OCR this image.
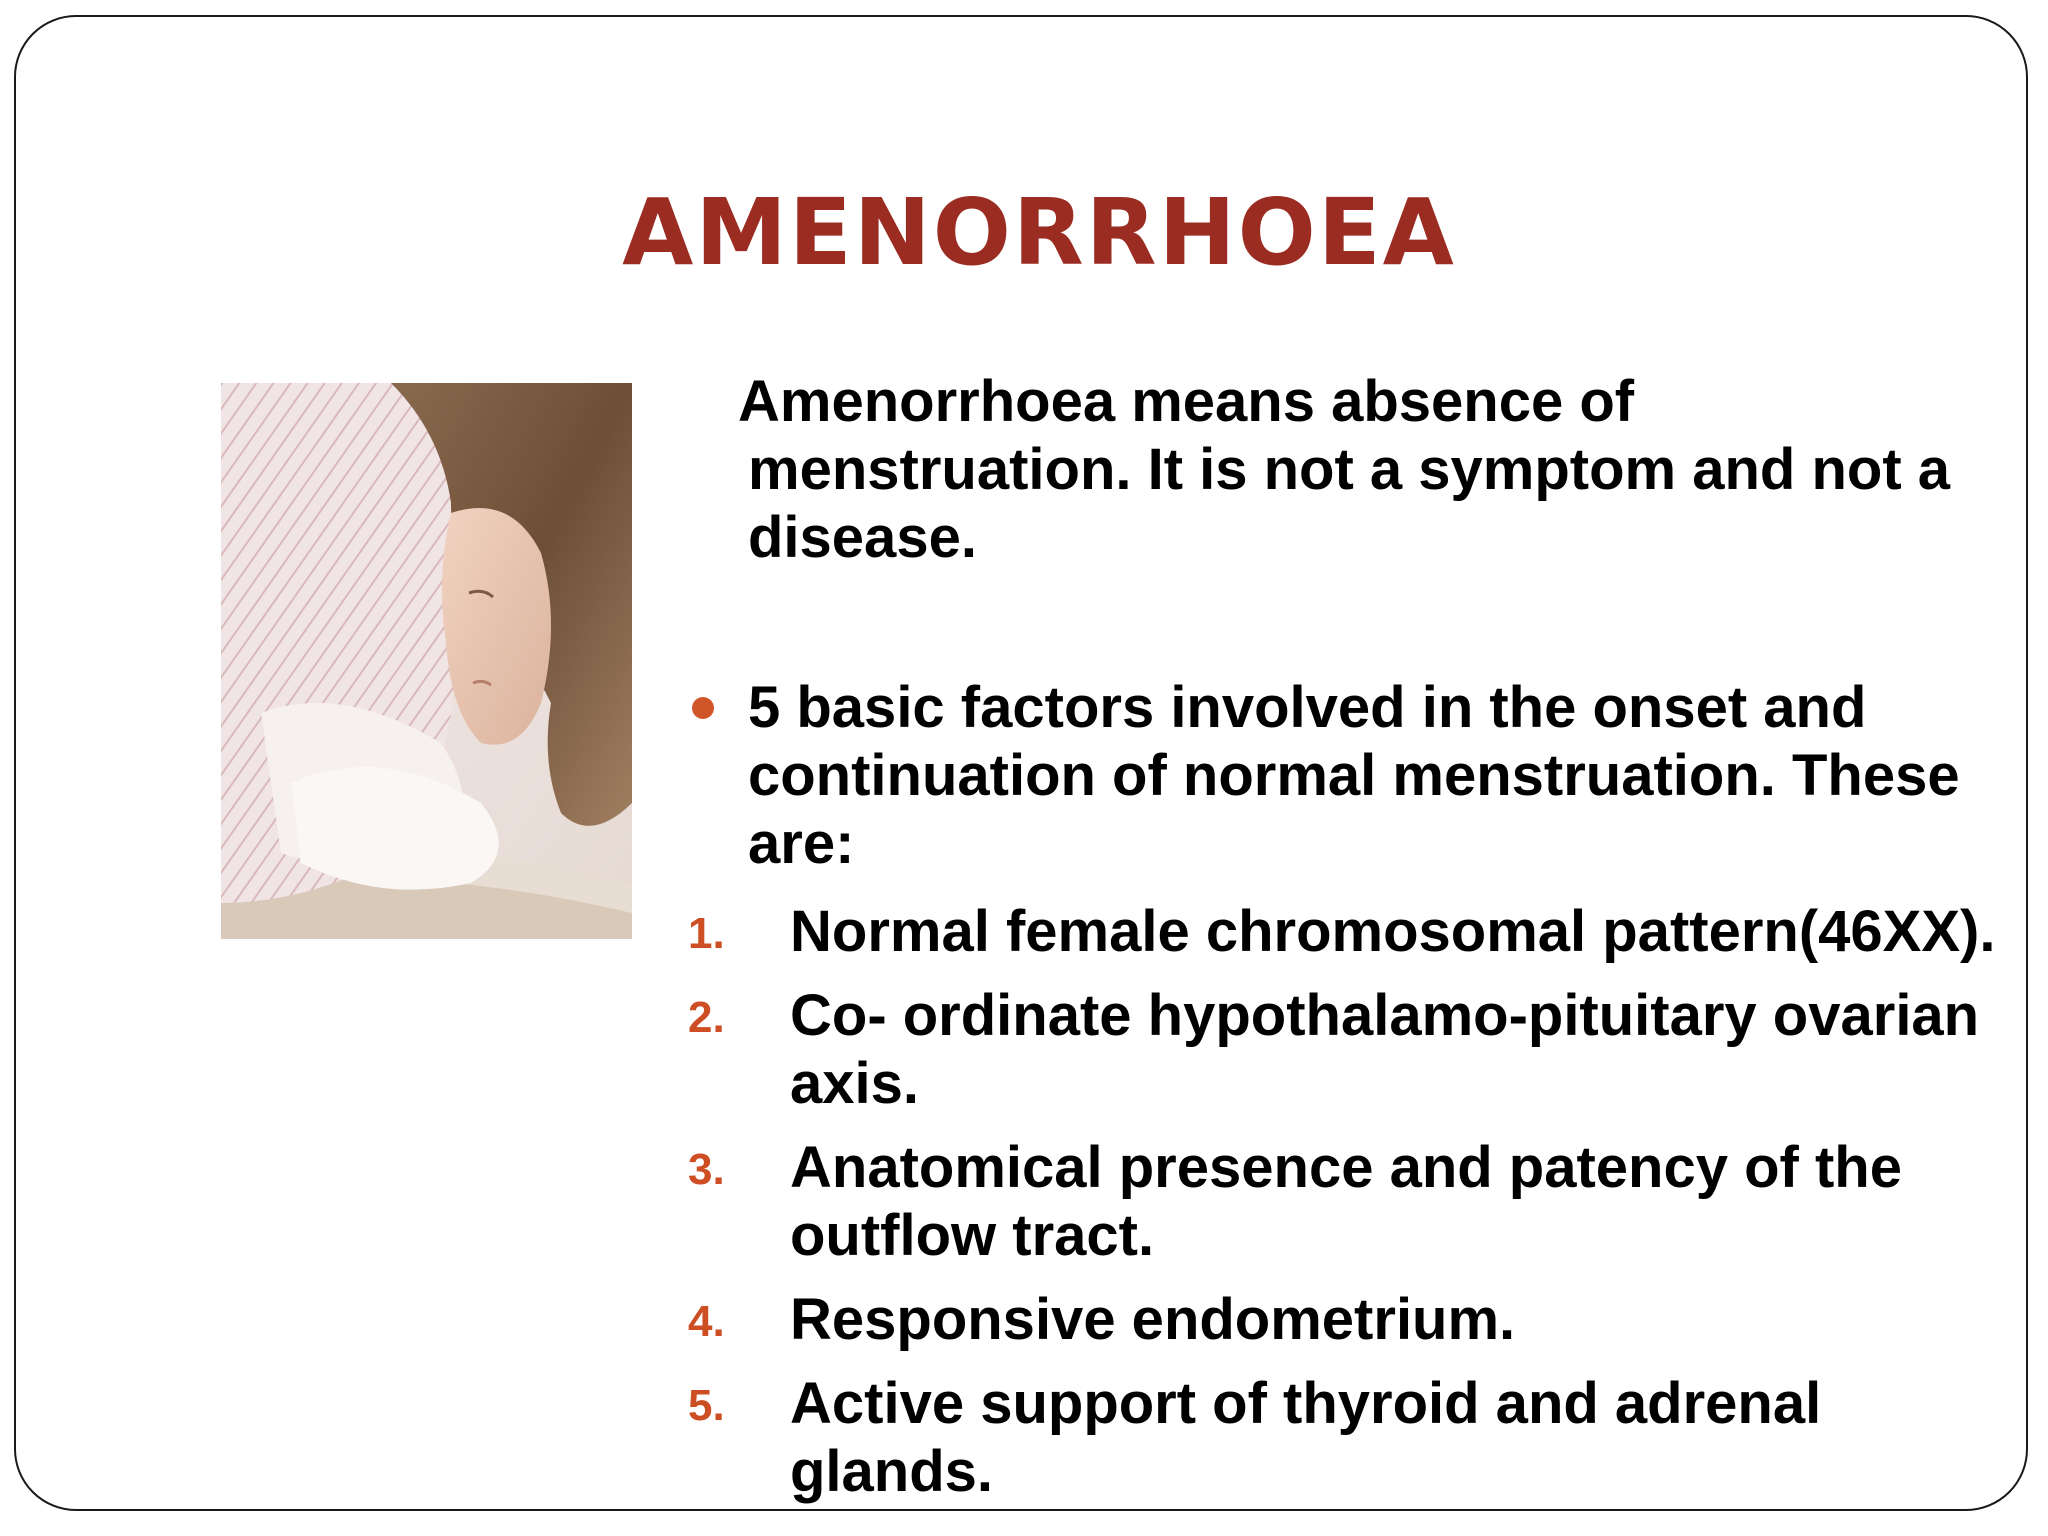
AMENORRHOEA

Amenorrhoea means absence of menstruation. It is not a symptom and not a disease.

5 basic factors involved in the onset and continuation of normal menstruation. These are:
1. Normal female chromosomal pattern(46XX).
2. Co- ordinate hypothalamo-pituitary ovarian axis.
3. Anatomical presence and patency of the outflow tract.
4. Responsive endometrium.
5. Active support of thyroid and adrenal glands.
